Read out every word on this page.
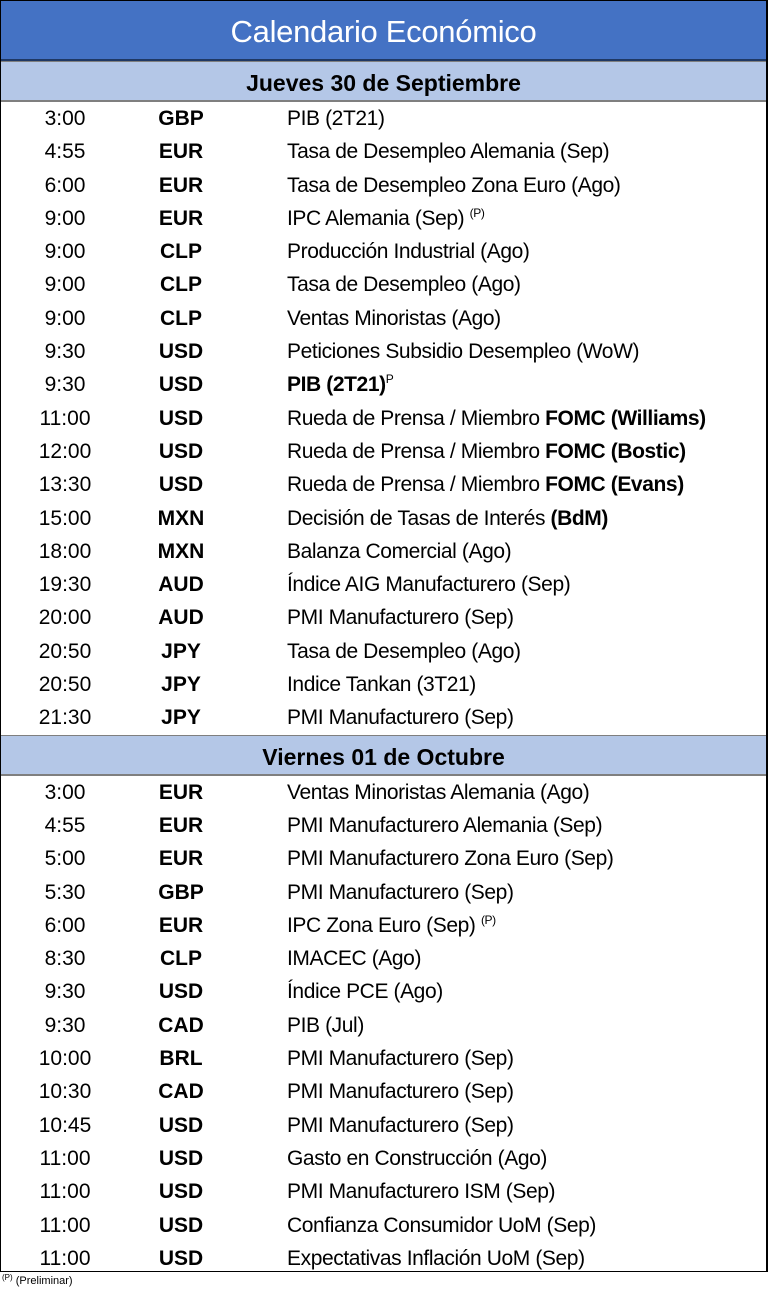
Calendario Económico
Jueves 30 de Septiembre
3:00	GBP	PIB (2T21)
4:55	EUR	Tasa de Desempleo Alemania (Sep)
6:00	EUR	Tasa de Desempleo Zona Euro (Ago)
9:00	EUR	IPC Alemania (Sep) $^{(P)}$
9:00	CLP	Producción Industrial (Ago)
9:00	CLP	Tasa de Desempleo (Ago)
9:00	CLP	Ventas Minoristas (Ago)
9:30	USD	Peticiones Subsidio Desempleo (WoW)
9:30	USD	PIB $(2T21)^P$
11:00	USD	Rueda de Prensa / Miembro FOMC (Williams)
12:00	USD	Rueda de Prensa / Miembro FOMC (Bostic)
13:30	USD	Rueda de Prensa / Miembro FOMC (Evans)
15:00	MXN	Decisión de Tasas de Interés (BdM)
18:00	MXN	Balanza Comercial (Ago)
19:30	AUD	Índice AIG Manufacturero (Sep)
20:00	AUD	PMI Manufacturero (Sep)
20:50	JPY	Tasa de Desempleo (Ago)
20:50	JPY	Indice Tankan (3T21)
21:30	JPY	PMI Manufacturero (Sep)
Viernes 01 de Octubre
3:00	EUR	Ventas Minoristas Alemania (Ago)
4:55	EUR	PMI Manufacturero Alemania (Sep)
5:00	EUR	PMI Manufacturero Zona Euro (Sep)
5:30	GBP	PMI Manufacturero (Sep)
6:00	EUR	IPC Zona Euro (Sep) $^{(P)}$
8:30	CLP	IMACEC (Ago)
9:30	USD	Índice PCE (Ago)
9:30	CAD	PIB (Jul)
10:00	BRL	PMI Manufacturero (Sep)
10:30	CAD	PMI Manufacturero (Sep)
10:45	USD	PMI Manufacturero (Sep)
11:00	USD	Gasto en Construcción (Ago)
11:00	USD	PMI Manufacturero ISM (Sep)
11:00	USD	Confianza Consumidor UoM (Sep)
11:00	USD	Expectativas Inflación UoM (Sep)
$^{(P)}$ (Preliminar)
